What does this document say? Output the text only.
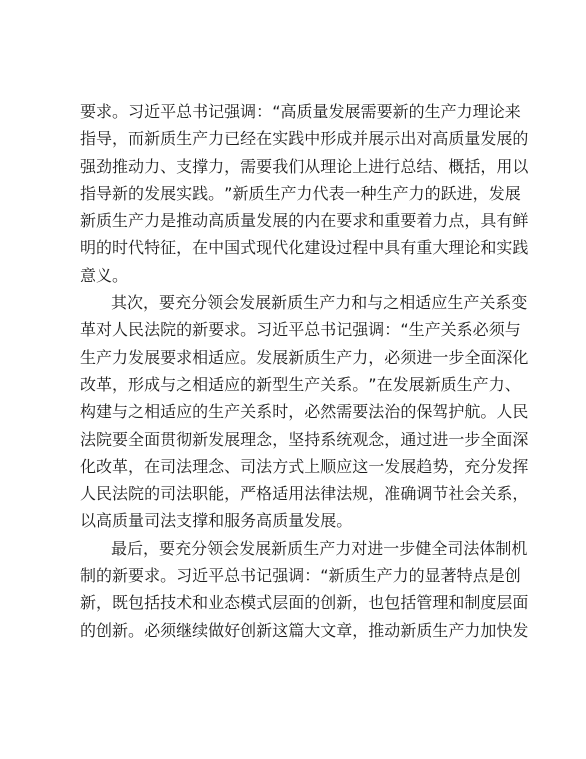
要 求 。 习 近 平 总 书 记 强 调 ： “ 高 质 量 发 展 需 要 新 的 生 产 力 理 论 来
指 导 ， 而 新 质 生 产 力 已 经 在 实 践 中 形 成 并 展 示 出 对 高 质 量 发 展 的
强 劲 推 动 力 、 支 撑 力 ， 需 要 我 们 从 理 论 上 进 行 总 结 、 概 括 ， 用 以
指 导 新 的 发 展 实 践 。 ” 新 质 生 产 力 代 表 一 种 生 产 力 的 跃 进 ， 发 展
新 质 生 产 力 是 推 动 高 质 量 发 展 的 内 在 要 求 和 重 要 着 力 点 ， 具 有 鲜
明 的 时 代 特 征 ， 在 中 国 式 现 代 化 建 设 过 程 中 具 有 重 大 理 论 和 实 践
意 义 。
其 次 ， 要 充 分 领 会 发 展 新 质 生 产 力 和 与 之 相 适 应 生 产 关 系 变
革 对 人 民 法 院 的 新 要 求 。 习 近 平 总 书 记 强 调 ： “ 生 产 关 系 必 须 与
生 产 力 发 展 要 求 相 适 应 。 发 展 新 质 生 产 力 ， 必 须 进 一 步 全 面 深 化
改 革 ， 形 成 与 之 相 适 应 的 新 型 生 产 关 系 。 ” 在 发 展 新 质 生 产 力 、
构 建 与 之 相 适 应 的 生 产 关 系 时 ， 必 然 需 要 法 治 的 保 驾 护 航 。 人 民
法 院 要 全 面 贯 彻 新 发 展 理 念 ， 坚 持 系 统 观 念 ， 通 过 进 一 步 全 面 深
化 改 革 ， 在 司 法 理 念 、 司 法 方 式 上 顺 应 这 一 发 展 趋 势 ， 充 分 发 挥
人 民 法 院 的 司 法 职 能 ， 严 格 适 用 法 律 法 规 ， 准 确 调 节 社 会 关 系 ，
以 高 质 量 司 法 支 撑 和 服 务 高 质 量 发 展 。
最 后 ， 要 充 分 领 会 发 展 新 质 生 产 力 对 进 一 步 健 全 司 法 体 制 机
制 的 新 要 求 。 习 近 平 总 书 记 强 调 ： “ 新 质 生 产 力 的 显 著 特 点 是 创
新 ， 既 包 括 技 术 和 业 态 模 式 层 面 的 创 新 ， 也 包 括 管 理 和 制 度 层 面
的 创 新 。 必 须 继 续 做 好 创 新 这 篇 大 文 章 ， 推 动 新 质 生 产 力 加 快 发
